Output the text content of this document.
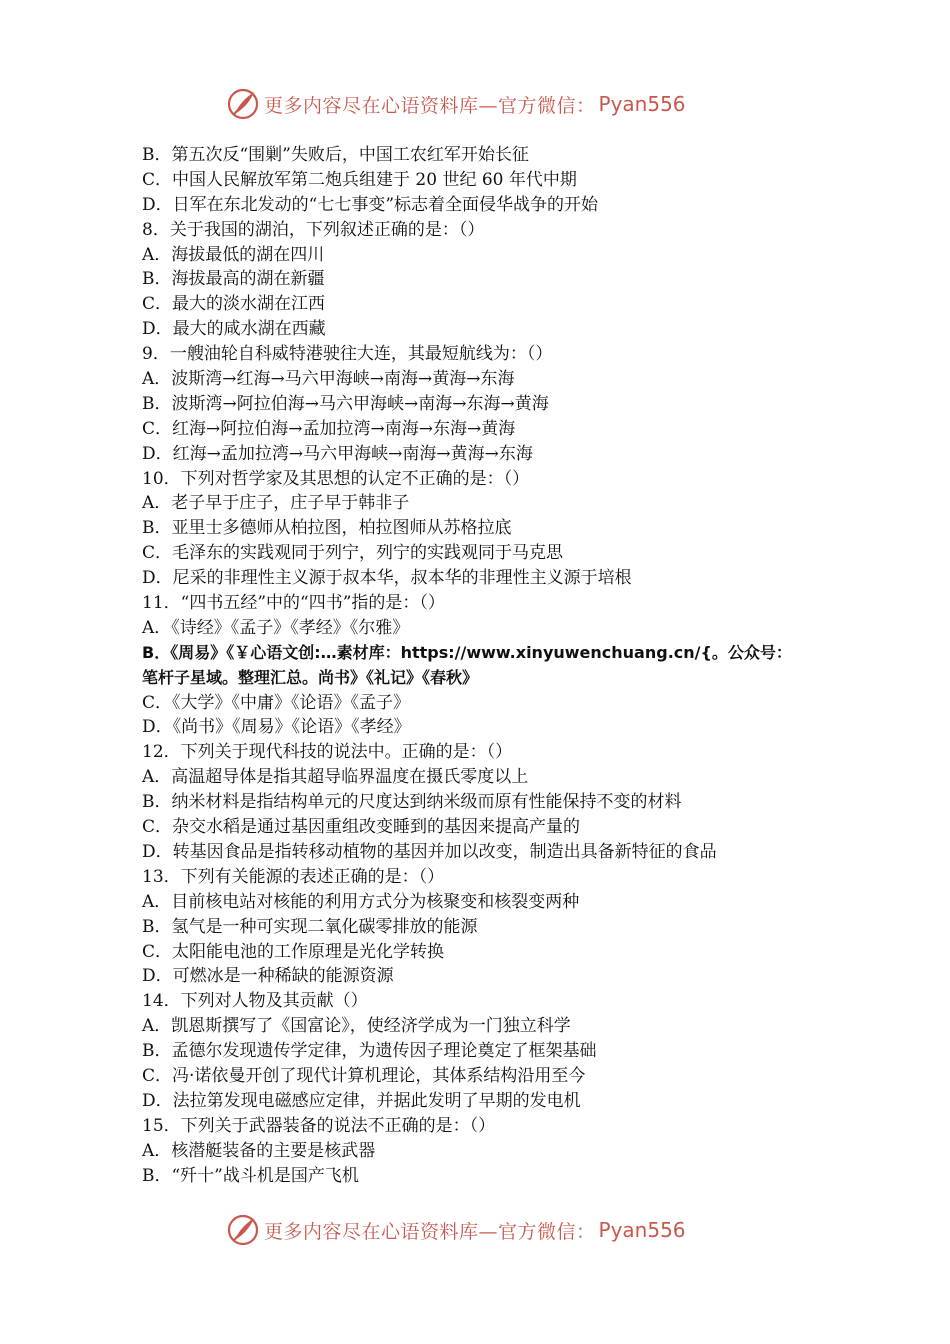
更多内容尽在心语资料库—官方微信： Pyan556
B．第五次反“围剿”失败后，中国工农红军开始长征
C．中国人民解放军第二炮兵组建于 20 世纪 60 年代中期
D．日军在东北发动的“七七事变”标志着全面侵华战争的开始
8．关于我国的湖泊，下列叙述正确的是：（）
A．海拔最低的湖在四川
B．海拔最高的湖在新疆
C．最大的淡水湖在江西
D．最大的咸水湖在西藏
9．一艘油轮自科威特港驶往大连，其最短航线为：（）
A．波斯湾→红海→马六甲海峡→南海→黄海→东海
B．波斯湾→阿拉伯海→马六甲海峡→南海→东海→黄海
C．红海→阿拉伯海→孟加拉湾→南海→东海→黄海
D．红海→孟加拉湾→马六甲海峡→南海→黄海→东海
10．下列对哲学家及其思想的认定不正确的是：（）
A．老子早于庄子，庄子早于韩非子
B．亚里士多德师从柏拉图，柏拉图师从苏格拉底
C．毛泽东的实践观同于列宁，列宁的实践观同于马克思
D．尼采的非理性主义源于叔本华，叔本华的非理性主义源于培根
11．“四书五经”中的“四书”指的是：（）
A．《诗经》《孟子》《孝经》《尔雅》
B．《周易》《￥心语文创:…素材库：https://www.xinyuwenchuang.cn/{。公众号：
笔杆子星域。整理汇总。尚书》《礼记》《春秋》
C．《大学》《中庸》《论语》《孟子》
D．《尚书》《周易》《论语》《孝经》
12．下列关于现代科技的说法中。正确的是：（）
A．高温超导体是指其超导临界温度在摄氏零度以上
B．纳米材料是指结构单元的尺度达到纳米级而原有性能保持不变的材料
C．杂交水稻是通过基因重组改变睡到的基因来提高产量的
D．转基因食品是指转移动植物的基因并加以改变，制造出具备新特征的食品
13．下列有关能源的表述正确的是：（）
A．目前核电站对核能的利用方式分为核聚变和核裂变两种
B．氢气是一种可实现二氧化碳零排放的能源
C．太阳能电池的工作原理是光化学转换
D．可燃冰是一种稀缺的能源资源
14．下列对人物及其贡献（）
A．凯恩斯撰写了《国富论》，使经济学成为一门独立科学
B．孟德尔发现遗传学定律，为遗传因子理论奠定了框架基础
C．冯·诺依曼开创了现代计算机理论，其体系结构沿用至今
D．法拉第发现电磁感应定律，并据此发明了早期的发电机
15．下列关于武器装备的说法不正确的是：（）
A．核潜艇装备的主要是核武器
B．“歼十”战斗机是国产飞机
更多内容尽在心语资料库—官方微信： Pyan556
